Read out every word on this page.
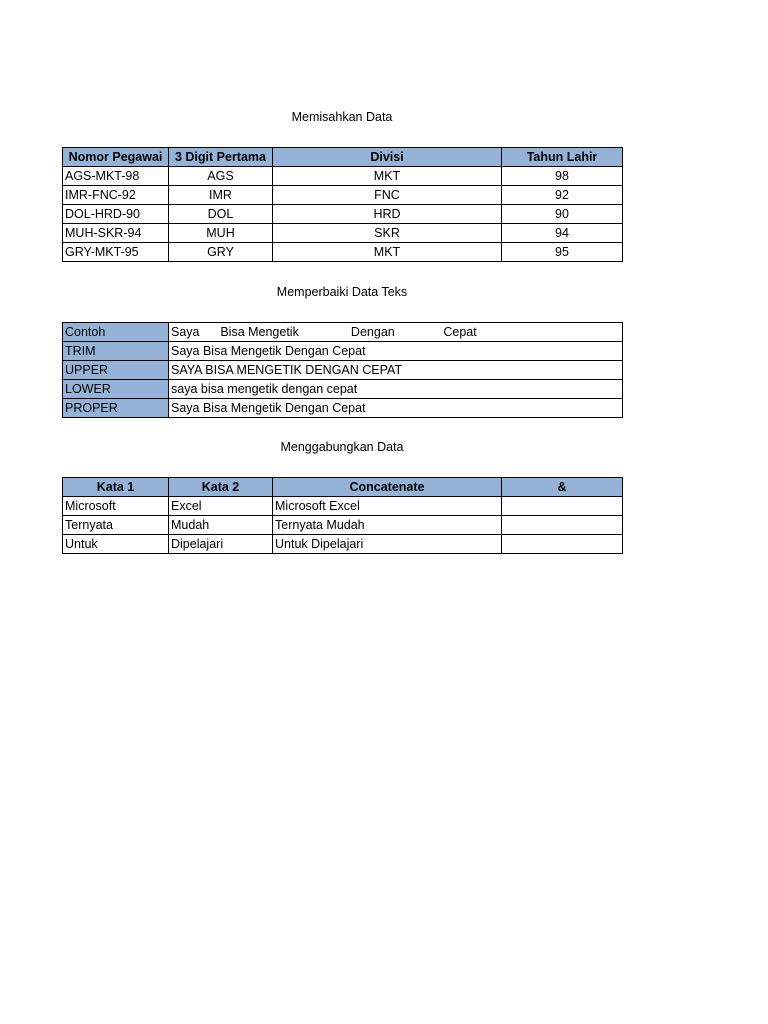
Memisahkan Data
Nomor Pegawai	3 Digit Pertama	Divisi	Tahun Lahir
AGS-MKT-98	AGS	MKT	98
IMR-FNC-92	IMR	FNC	92
DOL-HRD-90	DOL	HRD	90
MUH-SKR-94	MUH	SKR	94
GRY-MKT-95	GRY	MKT	95
Memperbaiki Data Teks
Contoh	Saya      Bisa Mengetik               Dengan              Cepat
TRIM	Saya Bisa Mengetik Dengan Cepat
UPPER	SAYA BISA MENGETIK DENGAN CEPAT
LOWER	saya bisa mengetik dengan cepat
PROPER	Saya Bisa Mengetik Dengan Cepat
Menggabungkan Data
Kata 1	Kata 2	Concatenate	&
Microsoft	Excel	Microsoft Excel	
Ternyata	Mudah	Ternyata Mudah	
Untuk	Dipelajari	Untuk Dipelajari	
